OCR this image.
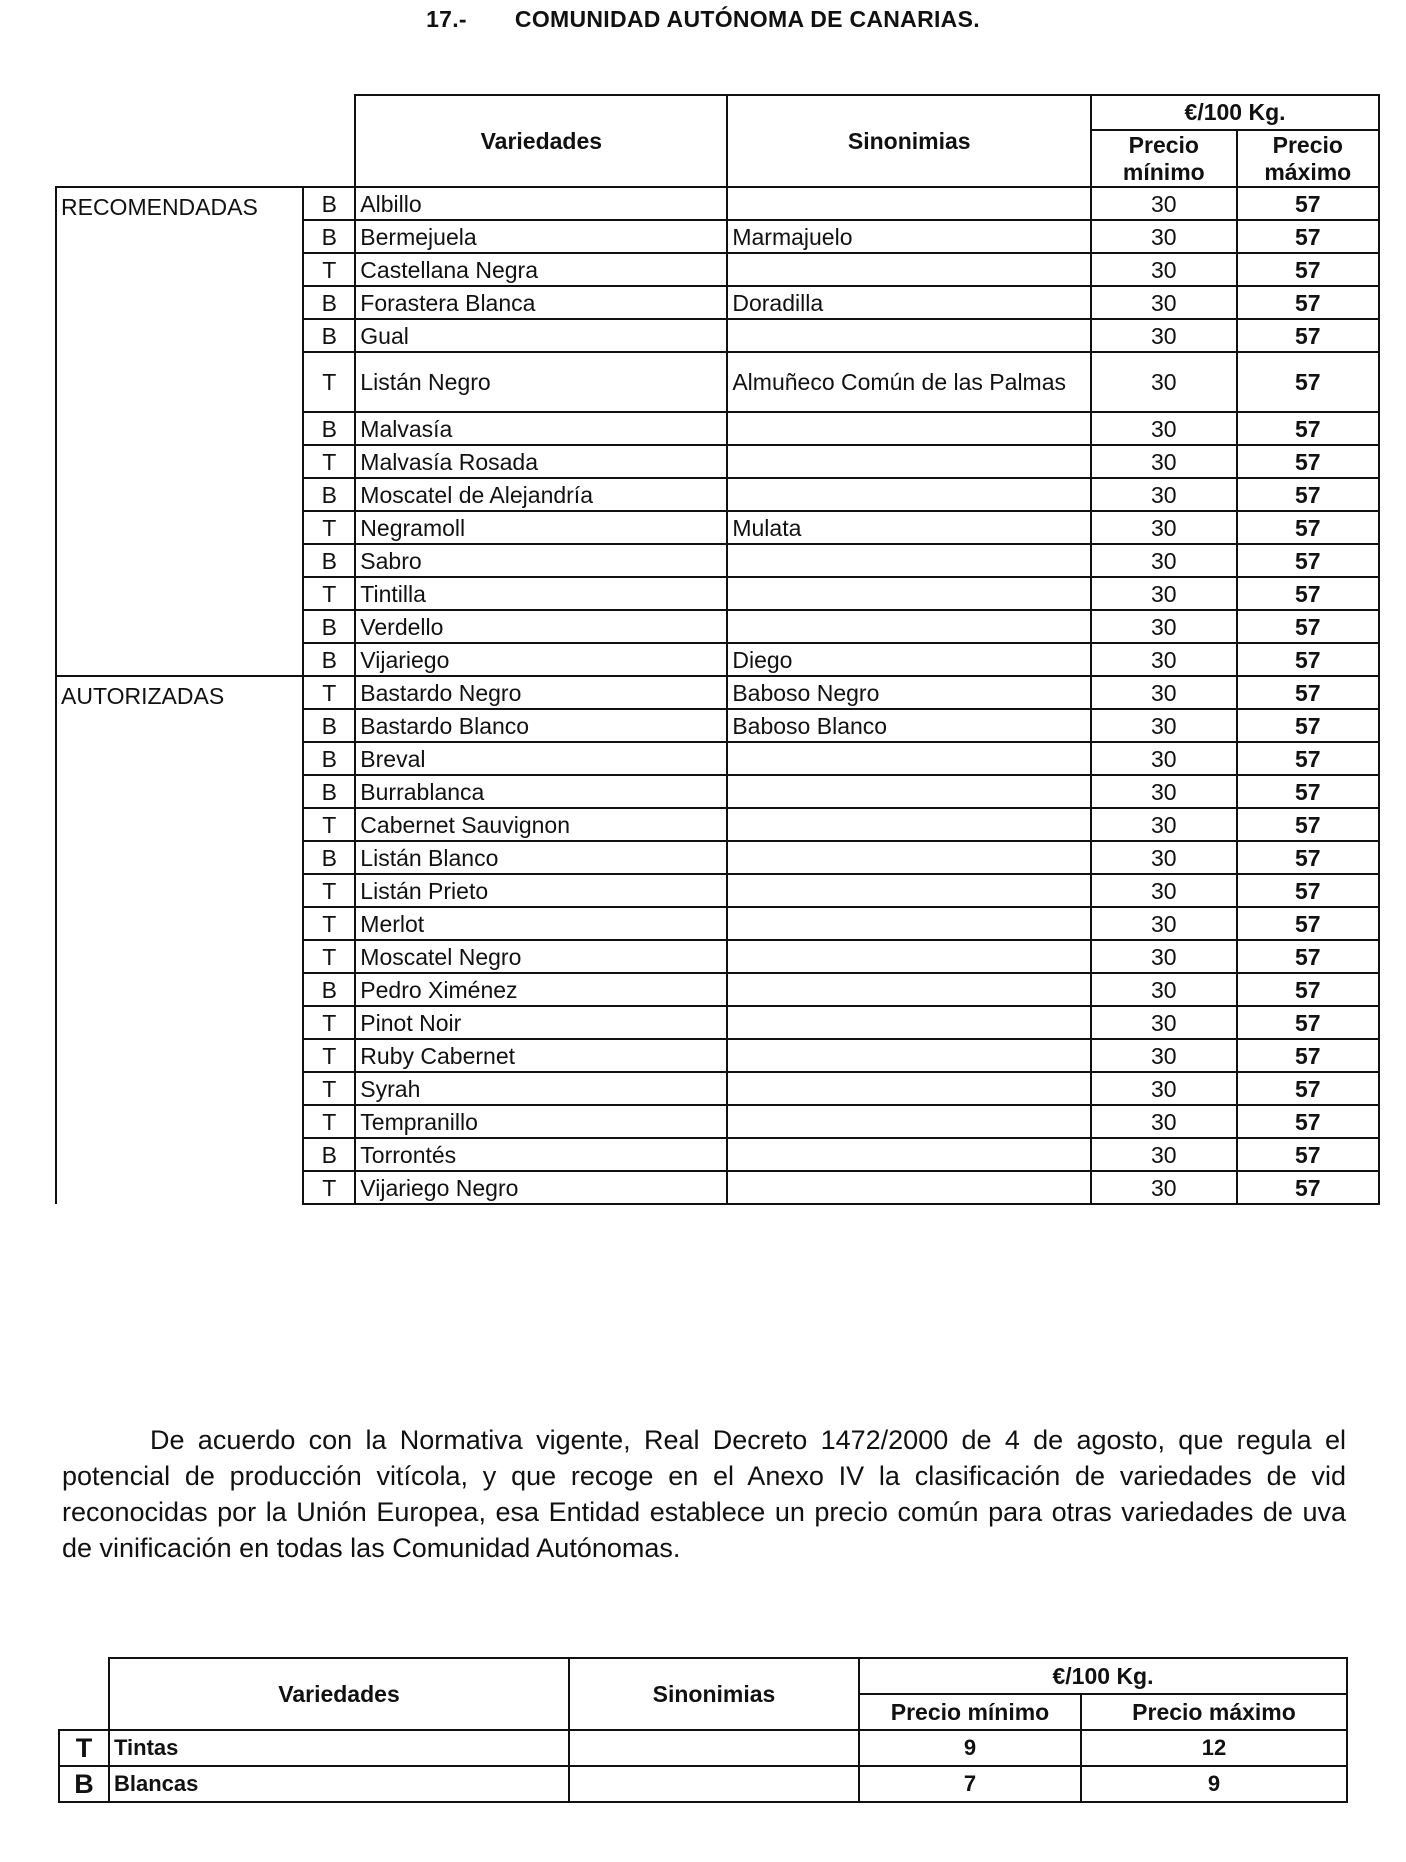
17.- COMUNIDAD AUTÓNOMA DE CANARIAS.
		Variedades	Sinonimias	€/100 Kg.	
				Precio mínimo	Precio máximo
RECOMENDADAS	B	Albillo		30	57
	B	Bermejuela	Marmajuelo	30	57
	T	Castellana Negra		30	57
	B	Forastera Blanca	Doradilla	30	57
	B	Gual		30	57
	T	Listán Negro	Almuñeco Común de las Palmas	30	57
	B	Malvasía		30	57
	T	Malvasía Rosada		30	57
	B	Moscatel de Alejandría		30	57
	T	Negramoll	Mulata	30	57
	B	Sabro		30	57
	T	Tintilla		30	57
	B	Verdello		30	57
	B	Vijariego	Diego	30	57
AUTORIZADAS	T	Bastardo Negro	Baboso Negro	30	57
	B	Bastardo Blanco	Baboso Blanco	30	57
	B	Breval		30	57
	B	Burrablanca		30	57
	T	Cabernet Sauvignon		30	57
	B	Listán Blanco		30	57
	T	Listán Prieto		30	57
	T	Merlot		30	57
	T	Moscatel Negro		30	57
	B	Pedro Ximénez		30	57
	T	Pinot Noir		30	57
	T	Ruby Cabernet		30	57
	T	Syrah		30	57
	T	Tempranillo		30	57
	B	Torrontés		30	57
	T	Vijariego Negro		30	57
De acuerdo con la Normativa vigente, Real Decreto 1472/2000 de 4 de agosto, que regula el potencial de producción vitícola, y que recoge en el Anexo IV la clasificación de variedades de vid reconocidas por la Unión Europea, esa Entidad establece un precio común para otras variedades de uva de vinificación en todas las Comunidad Autónomas.
	Variedades	Sinonimias	€/100 Kg.	
			Precio mínimo	Precio máximo
T	Tintas		9	12
B	Blancas		7	9
